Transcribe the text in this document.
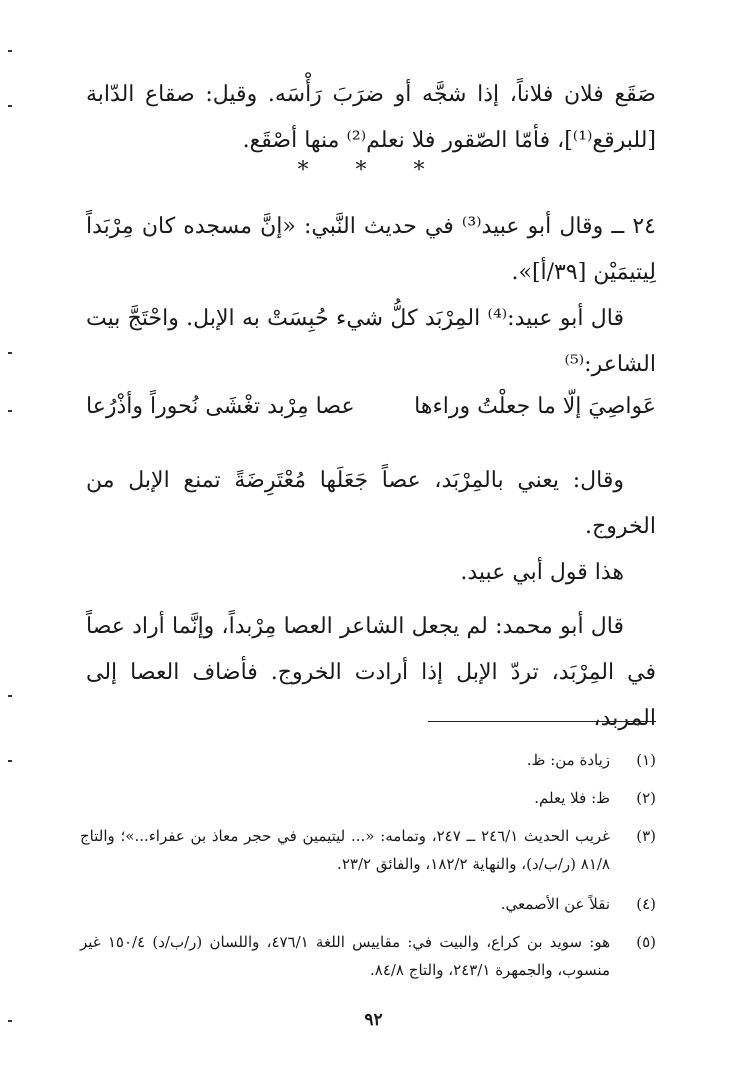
صَقَع فلان فلاناً، إذا شجَّه أو ضرَبَ رَأْسَه. وقيل: صقاع الدّابة [للبرقع⁽¹⁾]، فأمّا الصّقور فلا نعلم⁽²⁾ منها أصْقَع.

* * *

٢٤ ــ وقال أبو عبيد⁽³⁾ في حديث النَّبي: «إنَّ مسجده كان مِرْبَداً لِيتيمَيْن [٣٩/أ]».

قال أبو عبيد:⁽⁴⁾ المِرْبَد كلُّ شيء حُبِسَتْ به الإبل. واحْتَجَّ بيت الشاعر:⁽⁵⁾

عَواصِيَ إلّا ما جعلْتُ وراءها
عصا مِرْبد تغْشَى نُحوراً وأذْرُعا

وقال: يعني بالمِرْبَد، عصاً جَعَلَها مُعْتَرِضَةً تمنع الإبل من الخروج.

هذا قول أبي عبيد.

قال أبو محمد: لم يجعل الشاعر العصا مِرْبداً، وإنَّما أراد عصاً في المِرْبَد، تردّ الإبل إذا أرادت الخروج. فأضاف العصا إلى المربد،

(١)
زيادة من: ظ.
(٢)
ظ: فلا يعلم.
(٣)
غريب الحديث ٢٤٦/١ ــ ٢٤٧، وتمامه: «... ليتيمين في حجر معاذ بن عفراء...»؛ والتاج ٨١/٨ (ر/ب/د)، والنهاية ١٨٢/٢، والفائق ٢٣/٢.
(٤)
نقلاً عن الأصمعي.
(٥)
هو: سويد بن كراع، والبيت في: مقاييس اللغة ٤٧٦/١، واللسان (ر/ب/د) ١٥٠/٤ غير منسوب، والجمهرة ٢٤٣/١، والتاج ٨٤/٨.
٩٢
